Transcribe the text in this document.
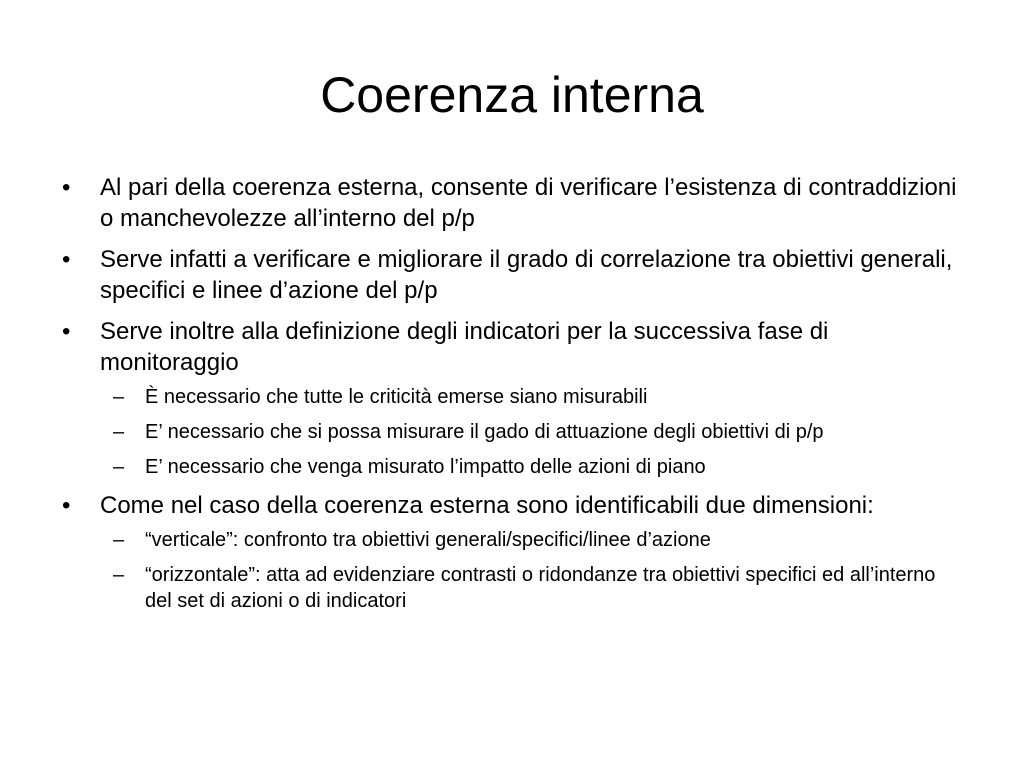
Coerenza interna
•	Al pari della coerenza esterna, consente di verificare l’esistenza di contraddizioni o manchevolezze all’interno del p/p
•	Serve infatti a verificare e migliorare il grado di correlazione tra obiettivi generali, specifici e linee d’azione del p/p
•	Serve inoltre alla definizione degli indicatori per la successiva fase di monitoraggio
– È necessario che tutte le criticità emerse siano misurabili
– E’ necessario che si possa misurare il gado di attuazione degli obiettivi di p/p
– E’ necessario che venga misurato l’impatto delle azioni di piano
•	Come nel caso della coerenza esterna sono identificabili due dimensioni:
– “verticale”: confronto tra obiettivi generali/specifici/linee d’azione
– “orizzontale”: atta ad evidenziare contrasti o ridondanze tra obiettivi specifici ed all’interno del set di azioni o di indicatori
